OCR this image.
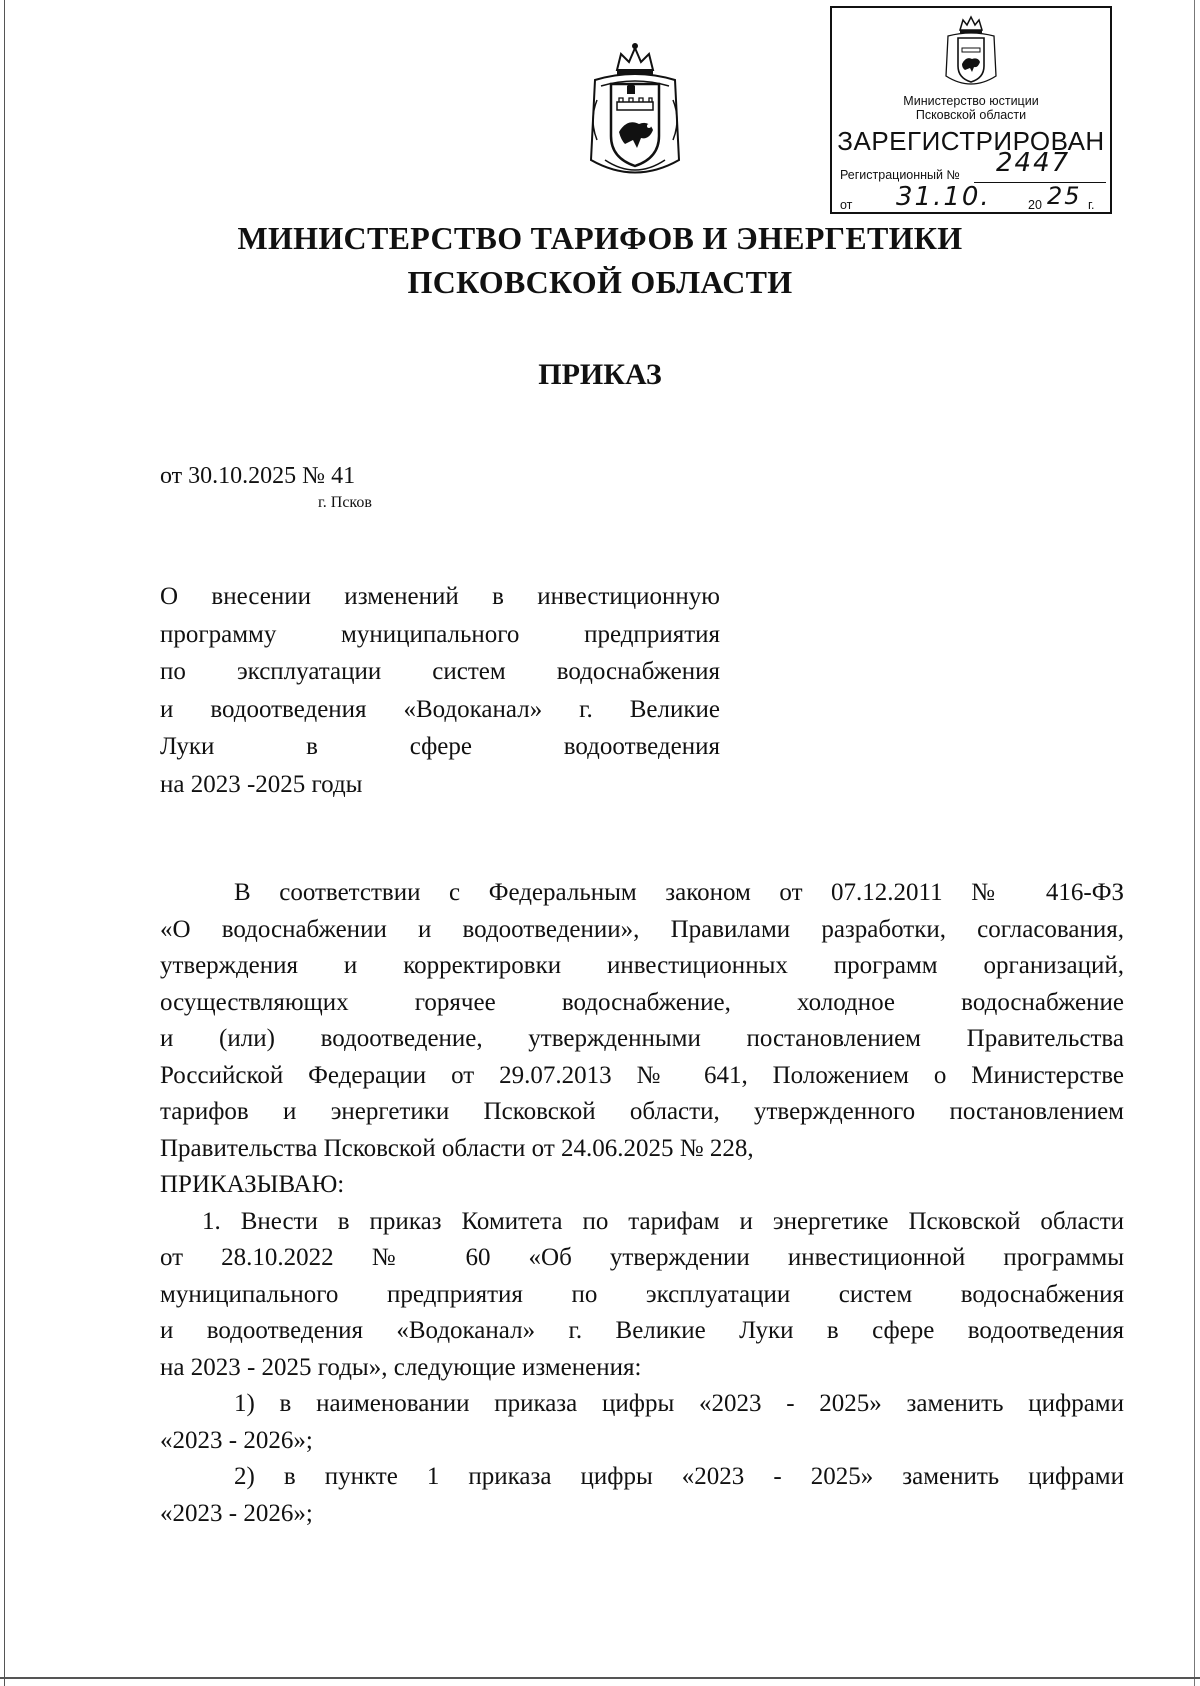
Министерство юстиции
Псковской области
ЗАРЕГИСТРИРОВАН
Регистрационный № 2447
от 31.10.	20 25 г.
МИНИСТЕРСТВО ТАРИФОВ И ЭНЕРГЕТИКИ
ПСКОВСКОЙ ОБЛАСТИ
ПРИКАЗ
от 30.10.2025 № 41
г. Псков

О внесении изменений в инвестиционную

программу муниципального предприятия

по эксплуатации систем водоснабжения

и водоотведения «Водоканал» г. Великие

Луки в сфере водоотведения

на 2023 -2025 годы

В соответствии с Федеральным законом от 07.12.2011 № 416-ФЗ
«О водоснабжении и водоотведении», Правилами разработки, согласования,
утверждения и корректировки инвестиционных программ организаций,
осуществляющих горячее водоснабжение, холодное водоснабжение
и (или) водоотведение, утвержденными постановлением Правительства
Российской Федерации от 29.07.2013 № 641, Положением о Министерстве
тарифов и энергетики Псковской области, утвержденного постановлением
Правительства Псковской области от 24.06.2025 № 228,
ПРИКАЗЫВАЮ:
1. Внести в приказ Комитета по тарифам и энергетике Псковской области
от 28.10.2022 № 60 «Об утверждении инвестиционной программы
муниципального предприятия по эксплуатации систем водоснабжения
и водоотведения «Водоканал» г. Великие Луки в сфере водоотведения
на 2023 - 2025 годы», следующие изменения:
1) в наименовании приказа цифры «2023 - 2025» заменить цифрами
«2023 - 2026»;
2) в пункте 1 приказа цифры «2023 - 2025» заменить цифрами
«2023 - 2026»;
